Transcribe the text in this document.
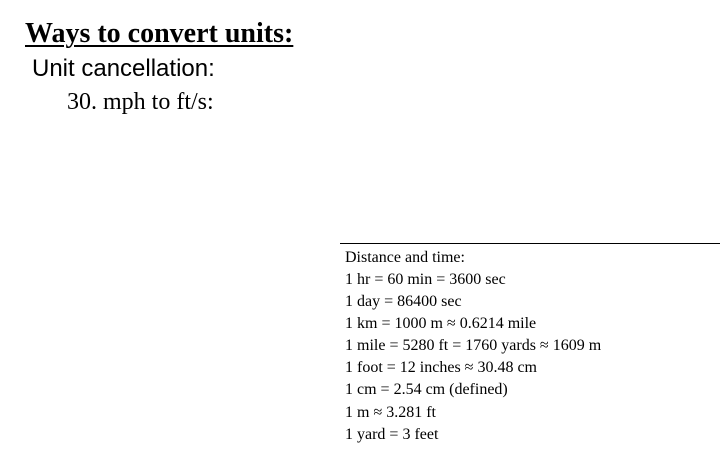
Ways to convert units:
Unit cancellation:
30. mph to ft/s:
Distance and time:
1 hr = 60 min = 3600 sec
1 day = 86400 sec
1 km = 1000 m ≈ 0.6214 mile
1 mile = 5280 ft = 1760 yards ≈ 1609 m
1 foot = 12 inches ≈ 30.48 cm
1 cm = 2.54 cm (defined)
1 m ≈ 3.281 ft
1 yard = 3 feet
